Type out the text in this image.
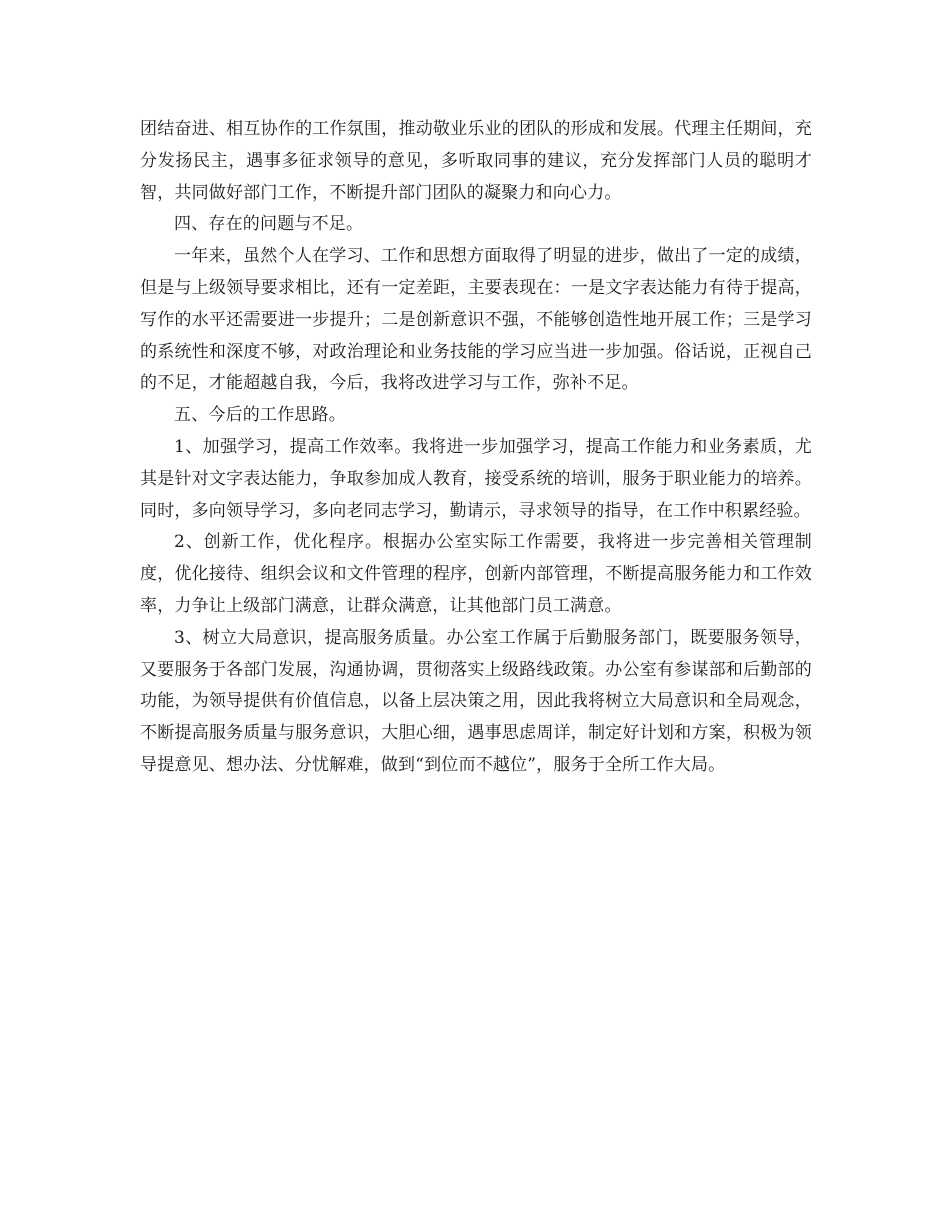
团结奋进、相互协作的工作氛围，推动敬业乐业的团队的形成和发展。代理主任期间，充分发扬民主，遇事多征求领导的意见，多听取同事的建议，充分发挥部门人员的聪明才智，共同做好部门工作，不断提升部门团队的凝聚力和向心力。

四、存在的问题与不足。

一年来，虽然个人在学习、工作和思想方面取得了明显的进步，做出了一定的成绩，但是与上级领导要求相比，还有一定差距，主要表现在：一是文字表达能力有待于提高，写作的水平还需要进一步提升；二是创新意识不强，不能够创造性地开展工作；三是学习的系统性和深度不够，对政治理论和业务技能的学习应当进一步加强。俗话说，正视自己的不足，才能超越自我，今后，我将改进学习与工作，弥补不足。

五、今后的工作思路。

1、加强学习，提高工作效率。我将进一步加强学习，提高工作能力和业务素质，尤其是针对文字表达能力，争取参加成人教育，接受系统的培训，服务于职业能力的培养。同时，多向领导学习，多向老同志学习，勤请示，寻求领导的指导，在工作中积累经验。

2、创新工作，优化程序。根据办公室实际工作需要，我将进一步完善相关管理制度，优化接待、组织会议和文件管理的程序，创新内部管理，不断提高服务能力和工作效率，力争让上级部门满意，让群众满意，让其他部门员工满意。

3、树立大局意识，提高服务质量。办公室工作属于后勤服务部门，既要服务领导，又要服务于各部门发展，沟通协调，贯彻落实上级路线政策。办公室有参谋部和后勤部的功能，为领导提供有价值信息，以备上层决策之用，因此我将树立大局意识和全局观念，不断提高服务质量与服务意识，大胆心细，遇事思虑周详，制定好计划和方案，积极为领导提意见、想办法、分忧解难，做到“到位而不越位”，服务于全所工作大局。
